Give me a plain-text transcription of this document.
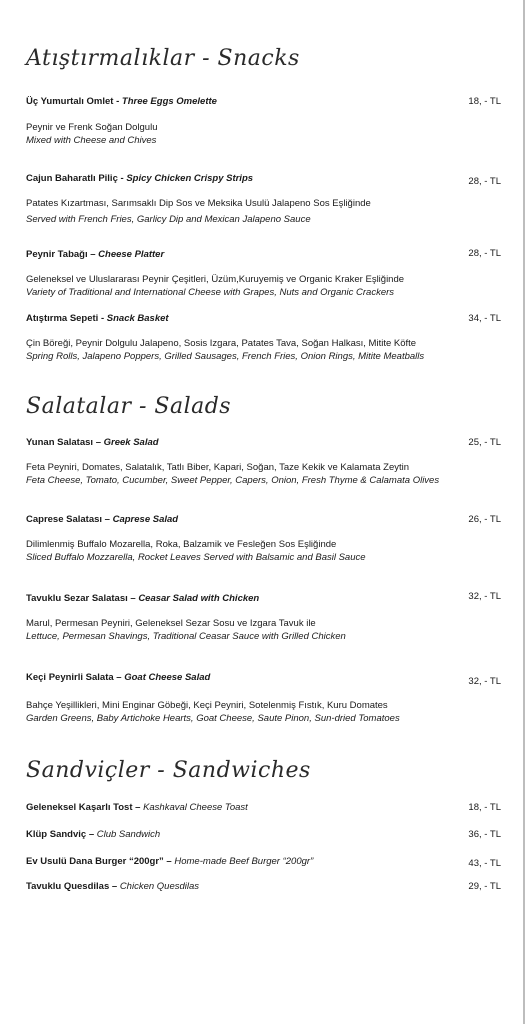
Atıştırmalıklar - Snacks
Üç Yumurtalı Omlet - Three Eggs Omelette	18, - TL
Peynir ve Frenk Soğan Dolgulu
Mixed with Cheese and Chives
Cajun Baharatlı Piliç - Spicy Chicken Crispy Strips	28, - TL
Patates Kızartması, Sarımsaklı Dip Sos ve Meksika Usulü Jalapeno Sos Eşliğinde
Served with French Fries, Garlicy Dip and Mexican Jalapeno Sauce
Peynir Tabağı – Cheese Platter	28, - TL
Geleneksel ve Uluslararası Peynir Çeşitleri, Üzüm,Kuruyemiş ve Organic Kraker Eşliğinde
Variety of Traditional and International Cheese with Grapes, Nuts and Organic Crackers
Atıştırma Sepeti - Snack Basket	34, - TL
Çin Böreği, Peynir Dolgulu Jalapeno, Sosis Izgara, Patates Tava, Soğan Halkası, Mitite Köfte
Spring Rolls, Jalapeno Poppers, Grilled Sausages, French Fries, Onion Rings, Mitite Meatballs
Salatalar - Salads
Yunan Salatası – Greek Salad	25, - TL
Feta Peyniri, Domates, Salatalık, Tatlı Biber, Kapari, Soğan, Taze Kekik ve Kalamata Zeytin
Feta Cheese, Tomato, Cucumber, Sweet Pepper, Capers, Onion, Fresh Thyme & Calamata Olives
Caprese Salatası – Caprese Salad	26, - TL
Dilimlenmiş Buffalo Mozarella, Roka, Balzamik ve Fesleğen Sos Eşliğinde
Sliced Buffalo Mozzarella, Rocket Leaves Served with Balsamic and Basil Sauce
Tavuklu Sezar Salatası – Ceasar Salad with Chicken	32, - TL
Marul, Permesan Peyniri, Geleneksel Sezar Sosu ve Izgara Tavuk ile
Lettuce, Permesan Shavings, Traditional Ceasar Sauce with Grilled Chicken
Keçi Peynirli Salata – Goat Cheese Salad	32, - TL
Bahçe Yeşillikleri, Mini Enginar Göbeği, Keçi Peyniri, Sotelenmiş Fıstık, Kuru Domates
Garden Greens, Baby Artichoke Hearts, Goat Cheese, Saute Pinon, Sun-dried Tomatoes
Sandviçler - Sandwiches
Geleneksel Kaşarlı Tost – Kashkaval Cheese Toast	18, - TL
Klüp Sandviç – Club Sandwich	36, - TL
Ev Usulü Dana Burger “200gr” – Home-made Beef Burger “200gr”	43, - TL
Tavuklu Quesdilas – Chicken Quesdilas	29, - TL
